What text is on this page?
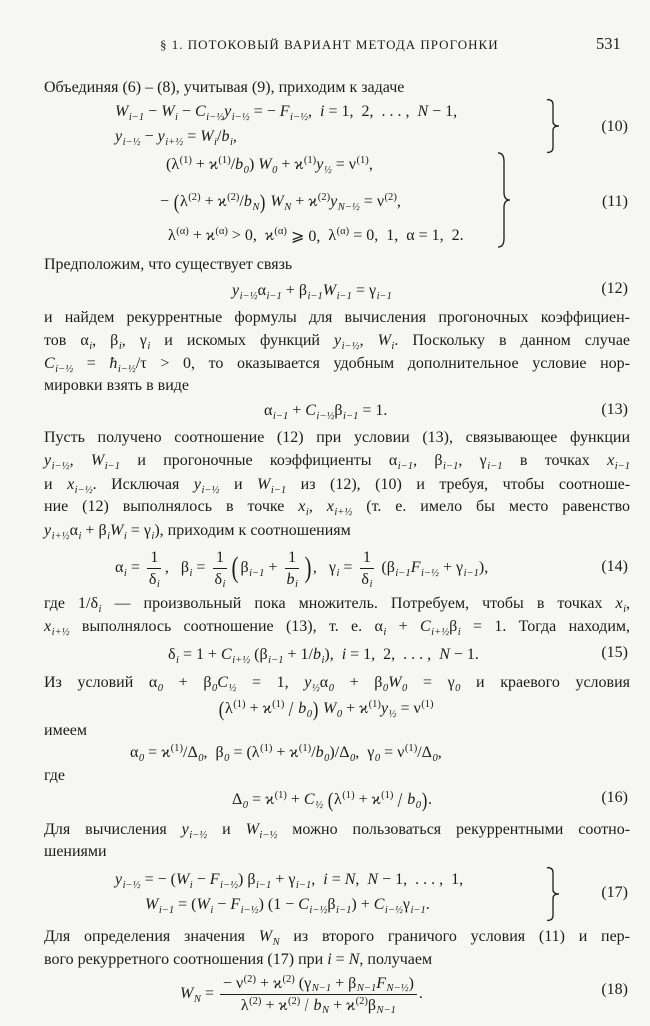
§ 1. ПОТОКОВЫЙ ВАРИАНТ МЕТОДА ПРОГОНКИ	531
Объединяя (6) – (8), учитывая (9), приходим к задаче
$W_{i-1} - W_i - C_{i-\frac{1}{2}}$ $y_{i-\frac{1}{2}}$ = − $F_{i-\frac{1}{2}}$ , i = 1,  2,  . . . , N − 1,
$y_{i-\frac{1}{2}} - y_{i+\frac{1}{2}} = W_i / b_i$ ,
(10)
( $\lambda^{(1)} + ϰ^{(1)} / b_0$ ) $W_0 + ϰ^{(1)}$ $y_{\frac{1}{2}} = \nu^{(1)}$ ,
− ( $\lambda^{(2)} + ϰ^{(2)} / b_N$ )
$W_N + ϰ^{(2)}$ $y_{N-\frac{1}{2}} = \nu^{(2)}$ ,
$\lambda^{(\alpha)} + ϰ^{(\alpha)} > 0$, $ϰ^{(\alpha)}$ ⩾ 0, $\lambda^{(\alpha)} = 0$,  1, α = 1,  2.
(11)
Предположим, что существует связь
$y_{i-\frac{1}{2}}$ $\alpha_{i-1} + \beta_{i-1}$ $W_{i-1} = \gamma_{i-1}$	(12)
и найдем рекуррентные формулы для вычисления прогоночных коэффициен-
тов $\alpha_i$, $\beta_i$, $\gamma_i$ и искомых функций $y_{i-\frac{1}{2}}$, $W_i$. Поскольку в данном случае
$C_{i-\frac{1}{2}}$ = $ħ_{i-\frac{1}{2}}/\tau > 0$, то оказывается удобным дополнительное условие нор-
мировки взять в виде
$\alpha_{i-1} + C_{i-\frac{1}{2}}$ $\beta_{i-1} = 1$.	(13)
Пусть получено соотношение (12) при условии (13), связывающее функции
$y_{i-\frac{1}{2}}$, $W_{i-1}$ и прогоночные коэффициенты $\alpha_{i-1}$, $\beta_{i-1}$, $\gamma_{i-1}$ в точках $x_{i-1}$
и $x_{i-\frac{1}{2}}$. Исключая $y_{i-\frac{1}{2}}$ и $W_{i-1}$ из (12), (10) и требуя, чтобы соотноше-
ние (12) выполнялось в точке $x_i$, $x_{i+\frac{1}{2}}$ (т. е. имело бы место равенство
$y_{i+\frac{1}{2}}\alpha_i + \beta_iW_i = \gamma_i$), приходим к соотношениям
$\alpha_i = \frac{1}{\delta_i}$ , $\beta_i = \frac{1}{\delta_i}$ ( $\beta_{i-1} + \frac{1}{b_i}$ ) , $\gamma_i = \frac{1}{\delta_i}$ ( $\beta_{i-1}$ $F_{i-\frac{1}{2}} + \gamma_{i-1}$ ),	(14)
где $1/\delta_i$ — произвольный пока множитель. Потребуем, чтобы в точках $x_i$,
$x_{i+\frac{1}{2}}$ выполнялось соотношение (13), т. е. $\alpha_i + C_{i+\frac{1}{2}}\beta_i = 1$. Тогда находим,
$\delta_i = 1 + C_{i+\frac{1}{2}}$ ( $\beta_{i-1} + 1/$ $b_i$ ), i = 1,  2,  . . . , N − 1.	(15)
Из условий $\alpha_0 + \beta_0C_{\frac{1}{2}} = 1$, $y_{\frac{1}{2}}\alpha_0 + \beta_0W_0 = \gamma_0$ и краевого условия
( $\lambda^{(1)} + ϰ^{(1)}$
/
$b_0$ )
$W_0 + ϰ^{(1)}$ $y_{\frac{1}{2}} = \nu^{(1)}$
имеем
$\alpha_0 = ϰ^{(1)} / \Delta_0$ , $\beta_0$ = ( $\lambda^{(1)} + ϰ^{(1)} / b_0$ )/ $\Delta_0$ , $\gamma_0 = \nu^{(1)} / \Delta_0$ ,
где
$\Delta_0 = ϰ^{(1)} + C_{\frac{1}{2}}$
( $\lambda^{(1)} + ϰ^{(1)}$
/
$b_0$ ) .	(16)
Для вычисления $y_{i-\frac{1}{2}}$ и $W_{i-\frac{1}{2}}$ можно пользоваться рекуррентными соотно-
шениями
$y_{i-\frac{1}{2}}$ = − ( $W_i - F_{i-\frac{1}{2}}$ ) $\beta_{i-1} + \gamma_{i-1}$ , i = N , N − 1,  . . . ,  1,
$W_{i-1}$ = ( $W_i - F_{i-\frac{1}{2}}$ ) ($1 - C_{i-\frac{1}{2}}$ $\beta_{i-1}$ ) + $C_{i-\frac{1}{2}}$ $\gamma_{i-1}$ .
(17)
Для определения значения $W_N$ из второго граничого условия (11) и пер-
вого рекурретного соотношения (17) при i = N, получаем
$W_N$ = − $\nu^{(2)} + ϰ^{(2)}$ ( $\gamma_{N-1} + \beta_{N-1}$ $F_{N-\frac{1}{2}}$ )
$\lambda^{(2)} + ϰ^{(2)}$
/
$b_N + ϰ^{(2)}$ $\beta_{N-1}$ .	(18)
